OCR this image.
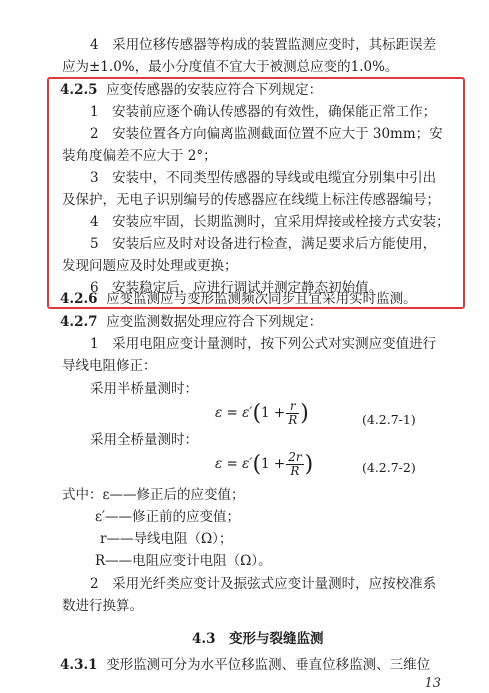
4　采用位移传感器等构成的装置监测应变时，其标距误差
应为±1.0%，最小分度值不宜大于被测总应变的1.0%。
4.2.5 应变传感器的安装应符合下列规定：
1　安装前应逐个确认传感器的有效性，确保能正常工作；
2　安装位置各方向偏离监测截面位置不应大于 30mm；安
装角度偏差不应大于 2°；
3　安装中，不同类型传感器的导线或电缆宜分别集中引出
及保护，无电子识别编号的传感器应在线缆上标注传感器编号；
4　安装应牢固，长期监测时，宜采用焊接或栓接方式安装；
5　安装后应及时对设备进行检查，满足要求后方能使用，
发现问题应及时处理或更换；
6　安装稳定后，应进行调试并测定静态初始值。
4.2.6 应变监测应与变形监测频次同步且宜采用实时监测。
4.2.7 应变监测数据处理应符合下列规定：
1　采用电阻应变计量测时，按下列公式对实测应变值进行
导线电阻修正：
采用半桥量测时：
$\varepsilon = \varepsilon'(1 + \frac{r}{R}$ )	(4.2.7-1)
采用全桥量测时：
$\varepsilon = \varepsilon'(1 + \frac{2r}{R}$ )	(4.2.7-2)
式中：ε——修正后的应变值；
ε′——修正前的应变值；
r——导线电阻（Ω）；
R——电阻应变计电阻（Ω）。
2　采用光纤类应变计及振弦式应变计量测时，应按校准系
数进行换算。
4.3　变形与裂缝监测
4.3.1 变形监测可分为水平位移监测、垂直位移监测、三维位
13
